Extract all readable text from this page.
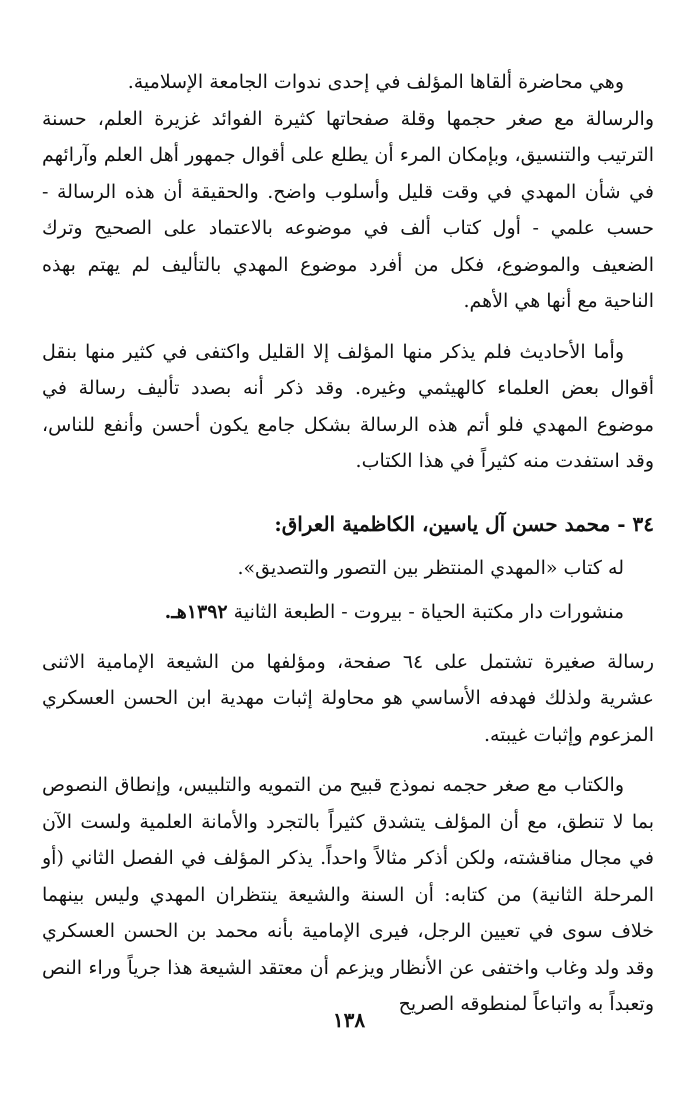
وهي محاضرة ألقاها المؤلف في إحدى ندوات الجامعة الإسلامية.

والرسالة مع صغر حجمها وقلة صفحاتها كثيرة الفوائد غزيرة العلم، حسنة الترتيب والتنسيق، وبإمكان المرء أن يطلع على أقوال جمهور أهل العلم وآرائهم في شأن المهدي في وقت قليل وأسلوب واضح. والحقيقة أن هذه الرسالة - حسب علمي - أول كتاب ألف في موضوعه بالاعتماد على الصحيح وترك الضعيف والموضوع، فكل من أفرد موضوع المهدي بالتأليف لم يهتم بهذه الناحية مع أنها هي الأهم.

وأما الأحاديث فلم يذكر منها المؤلف إلا القليل واكتفى في كثير منها بنقل أقوال بعض العلماء كالهيثمي وغيره. وقد ذكر أنه بصدد تأليف رسالة في موضوع المهدي فلو أتم هذه الرسالة بشكل جامع يكون أحسن وأنفع للناس، وقد استفدت منه كثيراً في هذا الكتاب.

٣٤ - محمد حسن آل ياسين، الكاظمية العراق:

له كتاب «المهدي المنتظر بين التصور والتصديق».

منشورات دار مكتبة الحياة - بيروت - الطبعة الثانية ١٣٩٢هـ.

رسالة صغيرة تشتمل على ٦٤ صفحة، ومؤلفها من الشيعة الإمامية الاثنى عشرية ولذلك فهدفه الأساسي هو محاولة إثبات مهدية ابن الحسن العسكري المزعوم وإثبات غيبته.

والكتاب مع صغر حجمه نموذج قبيح من التمويه والتلبيس، وإنطاق النصوص بما لا تنطق، مع أن المؤلف يتشدق كثيراً بالتجرد والأمانة العلمية ولست الآن في مجال مناقشته، ولكن أذكر مثالاً واحداً. يذكر المؤلف في الفصل الثاني (أو المرحلة الثانية) من كتابه: أن السنة والشيعة ينتظران المهدي وليس بينهما خلاف سوى في تعيين الرجل، فيرى الإمامية بأنه محمد بن الحسن العسكري وقد ولد وغاب واختفى عن الأنظار ويزعم أن معتقد الشيعة هذا جرياً وراء النص وتعبداً به واتباعاً لمنطوقه الصريح

١٣٨
